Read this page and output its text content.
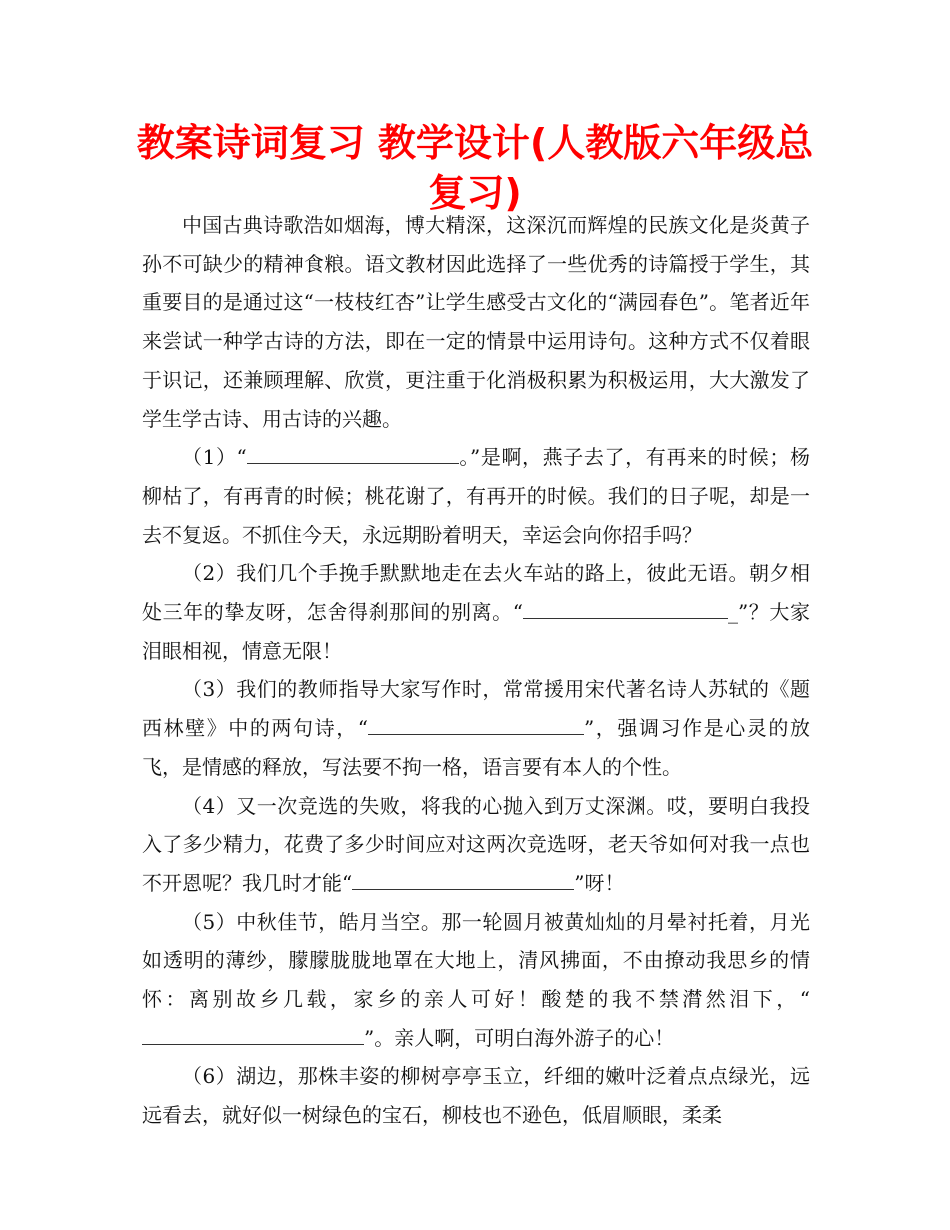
教案诗词复习 教学设计(人教版六年级总复习)

中国古典诗歌浩如烟海，博大精深，这深沉而辉煌的民族文化是炎黄子孙不可缺少的精神食粮。语文教材因此选择了一些优秀的诗篇授于学生，其重要目的是通过这“一枝枝红杏”让学生感受古文化的“满园春色”。笔者近年来尝试一种学古诗的方法，即在一定的情景中运用诗句。这种方式不仅着眼于识记，还兼顾理解、欣赏，更注重于化消极积累为积极运用，大大激发了学生学古诗、用古诗的兴趣。

（1）“	。”是啊，燕子去了，有再来的时候；杨柳枯了，有再青的时候；桃花谢了，有再开的时候。我们的日子呢，却是一去不复返。不抓住今天，永远期盼着明天，幸运会向你招手吗？

（2）我们几个手挽手默默地走在去火车站的路上，彼此无语。朝夕相处三年的挚友呀，怎舍得刹那间的别离。“	_”？大家泪眼相视，情意无限！

（3）我们的教师指导大家写作时，常常援用宋代著名诗人苏轼的《题西林壁》中的两句诗，“	”，强调习作是心灵的放飞，是情感的释放，写法要不拘一格，语言要有本人的个性。

（4）又一次竞选的失败，将我的心抛入到万丈深渊。哎，要明白我投入了多少精力，花费了多少时间应对这两次竞选呀，老天爷如何对我一点也不开恩呢？我几时才能“	”呀！

（5）中秋佳节，皓月当空。那一轮圆月被黄灿灿的月晕衬托着，月光如透明的薄纱，朦朦胧胧地罩在大地上，清风拂面，不由撩动我思乡的情怀：离别故乡几载，家乡的亲人可好！酸楚的我不禁潸然泪下，“”。亲人啊，可明白海外游子的心！

（6）湖边，那株丰姿的柳树亭亭玉立，纤细的嫩叶泛着点点绿光，远远看去，就好似一树绿色的宝石，柳枝也不逊色，低眉顺眼，柔柔
